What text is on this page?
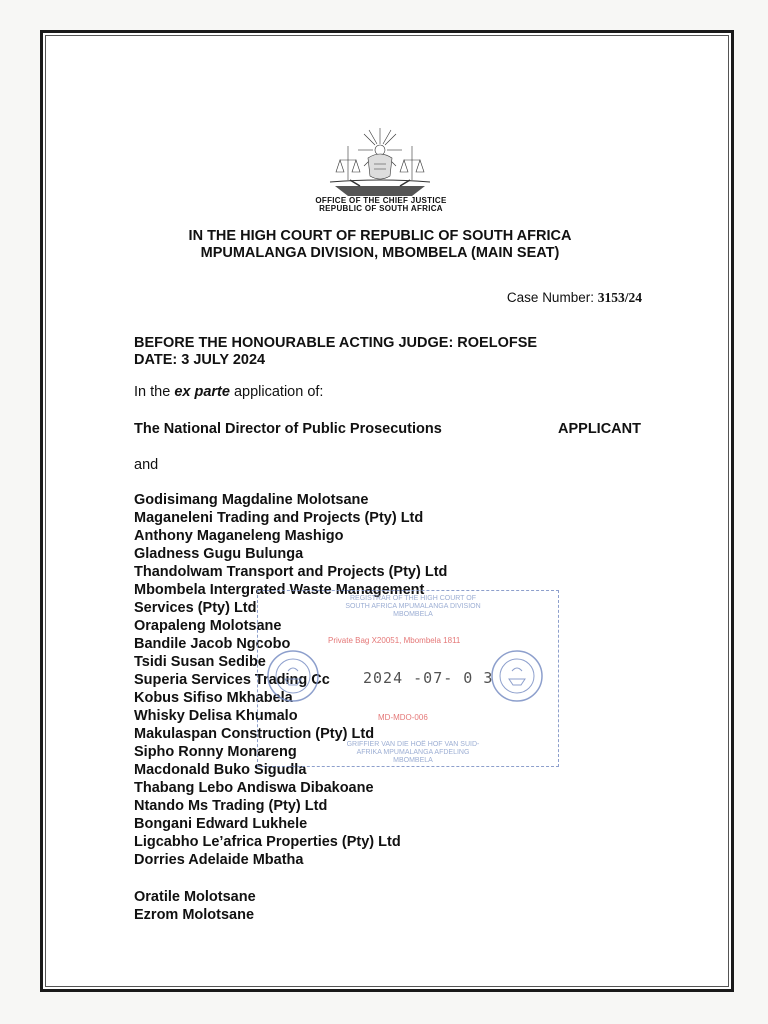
OFFICE OF THE CHIEF JUSTICE
REPUBLIC OF SOUTH AFRICA
IN THE HIGH COURT OF REPUBLIC OF SOUTH AFRICA
MPUMALANGA DIVISION, MBOMBELA (MAIN SEAT)
Case Number: 3153/24
BEFORE THE HONOURABLE ACTING JUDGE: ROELOFSE
DATE: 3 JULY 2024
In the ex parte application of:
The National Director of Public Prosecutions	APPLICANT
and
Godisimang Magdaline Molotsane
Maganeleni Trading and Projects (Pty) Ltd
Anthony Maganeleng Mashigo
Gladness Gugu Bulunga
Thandolwam Transport and Projects (Pty) Ltd
Mbombela Intergrated Waste Management
Services (Pty) Ltd
Orapaleng Molotsane
Bandile Jacob Ngcobo
Tsidi Susan Sedibe
Superia Services Trading Cc
Kobus Sifiso Mkhabela
Whisky Delisa Khumalo
Makulaspan Construction (Pty) Ltd
Sipho Ronny Monareng
Macdonald Buko Sigudla
Thabang Lebo Andiswa Dibakoane
Ntando Ms Trading (Pty) Ltd
Bongani Edward Lukhele
Ligcabho Le’africa Properties (Pty) Ltd
Dorries Adelaide Mbatha
Oratile Molotsane
Ezrom Molotsane
REGISTRAR OF THE HIGH COURT OF SOUTH AFRICA MPUMALANGA DIVISION MBOMBELA
Private Bag X20051, Mbombela 1811
2024 -07- 0 3
MD-MDO-006
GRIFFIER VAN DIE HOË HOF VAN SUID-AFRIKA MPUMALANGA AFDELING MBOMBELA
